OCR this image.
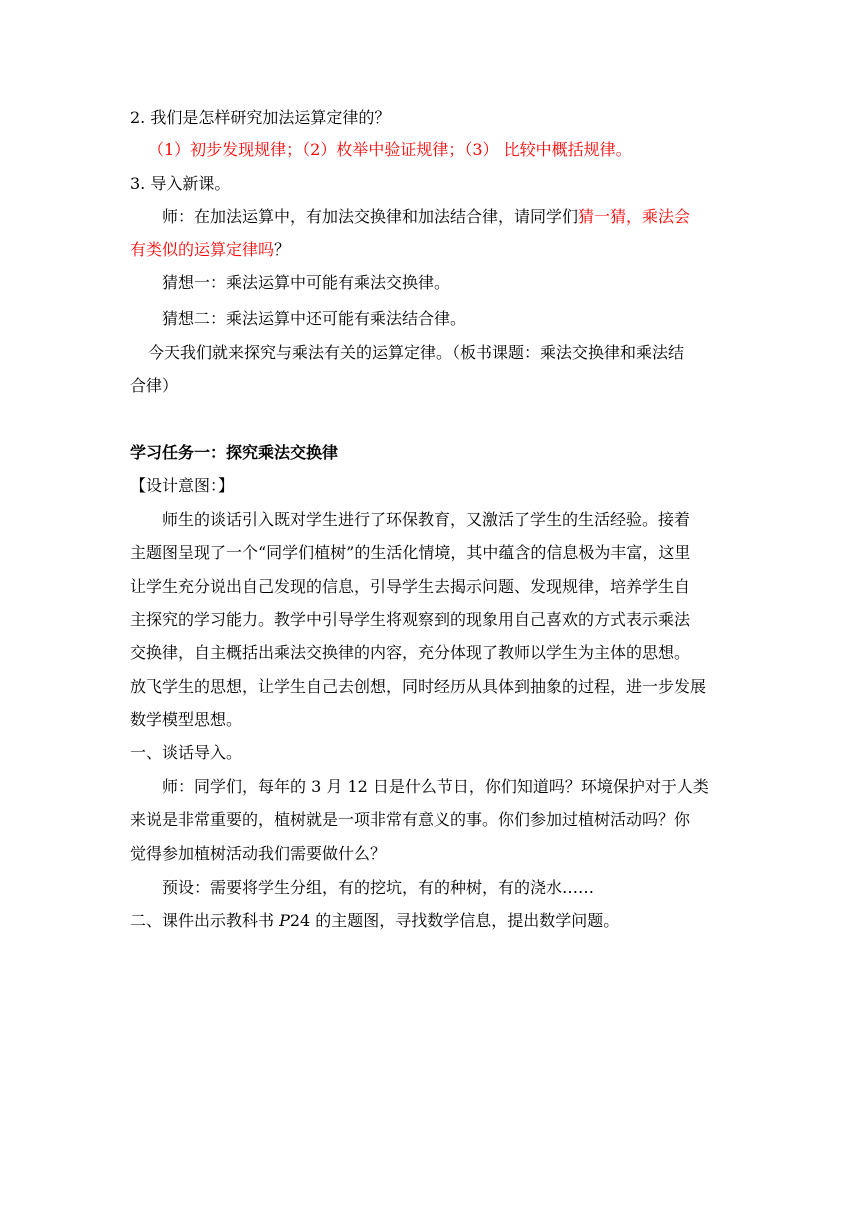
2. 我们是怎样研究加法运算定律的？
（1）初步发现规律；（2）枚举中验证规律；（3） 比较中概括规律。
3. 导入新课。
师：在加法运算中，有加法交换律和加法结合律，请同学们猜一猜，乘法会
有类似的运算定律吗？
猜想一：乘法运算中可能有乘法交换律。
猜想二：乘法运算中还可能有乘法结合律。
今天我们就来探究与乘法有关的运算定律。（板书课题：乘法交换律和乘法结
合律）
学习任务一：探究乘法交换律
【设计意图：】
师生的谈话引入既对学生进行了环保教育，又激活了学生的生活经验。接着
主题图呈现了一个“同学们植树”的生活化情境，其中蕴含的信息极为丰富，这里
让学生充分说出自己发现的信息，引导学生去揭示问题、发现规律，培养学生自
主探究的学习能力。教学中引导学生将观察到的现象用自己喜欢的方式表示乘法
交换律，自主概括出乘法交换律的内容，充分体现了教师以学生为主体的思想。
放飞学生的思想，让学生自己去创想，同时经历从具体到抽象的过程，进一步发展
数学模型思想。
一、谈话导入。
师：同学们，每年的 3 月 12 日是什么节日，你们知道吗？环境保护对于人类
来说是非常重要的，植树就是一项非常有意义的事。你们参加过植树活动吗？你
觉得参加植树活动我们需要做什么？
预设：需要将学生分组，有的挖坑，有的种树，有的浇水……
二、课件出示教科书 P24 的主题图，寻找数学信息，提出数学问题。
